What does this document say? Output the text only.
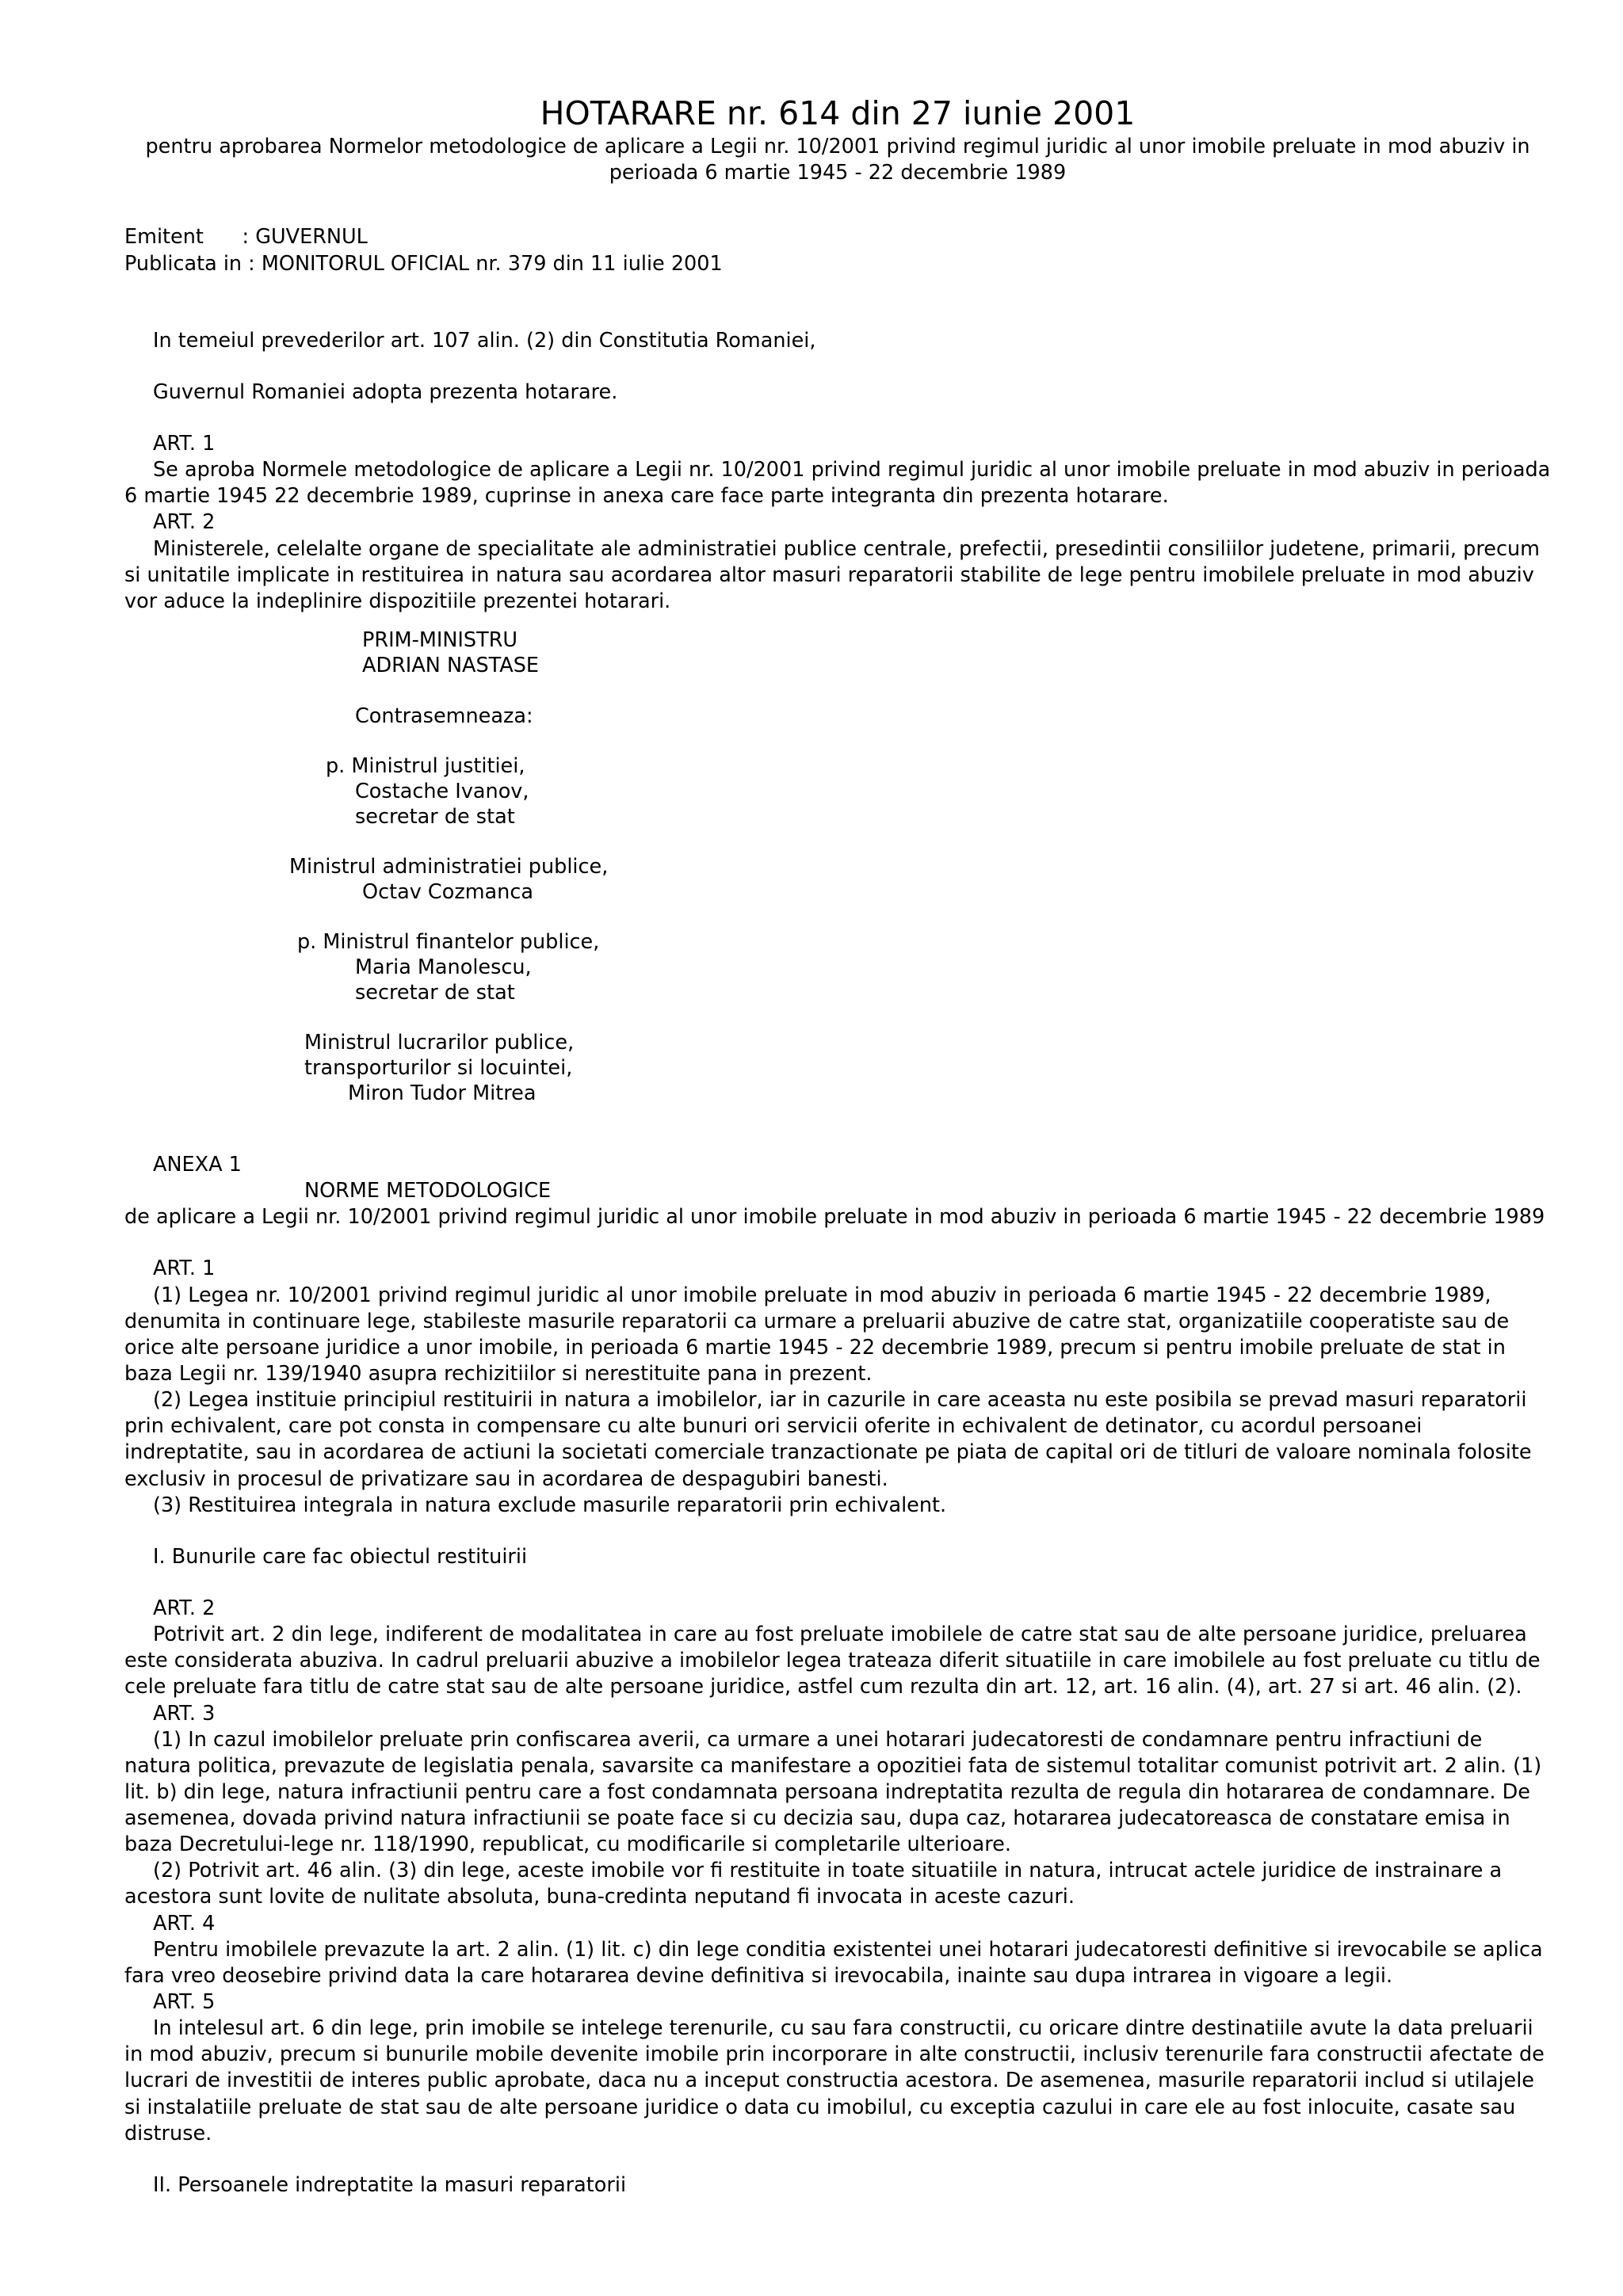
HOTARARE nr. 614 din 27 iunie 2001

pentru aprobarea Normelor metodologice de aplicare a Legii nr. 10/2001 privind regimul juridic al unor imobile preluate in mod abuziv in perioada 6 martie 1945 - 22 decembrie 1989

Emitent      : GUVERNUL
Publicata in : MONITORUL OFICIAL nr. 379 din 11 iulie 2001

In temeiul prevederilor art. 107 alin. (2) din Constitutia Romaniei,

Guvernul Romaniei adopta prezenta hotarare.

ART. 1

Se aproba Normele metodologice de aplicare a Legii nr. 10/2001 privind regimul juridic al unor imobile preluate in mod abuziv in perioada 6 martie 1945 22 decembrie 1989, cuprinse in anexa care face parte integranta din prezenta hotarare.

ART. 2

Ministerele, celelalte organe de specialitate ale administratiei publice centrale, prefectii, presedintii consiliilor judetene, primarii, precum si unitatile implicate in restituirea in natura sau acordarea altor masuri reparatorii stabilite de lege pentru imobilele preluate in mod abuziv vor aduce la indeplinire dispozitiile prezentei hotarari.

PRIM-MINISTRU
ADRIAN NASTASE
Contrasemneaza:
p. Ministrul justitiei,
Costache Ivanov,
secretar de stat
Ministrul administratiei publice,
Octav Cozmanca
p. Ministrul finantelor publice,
Maria Manolescu,
secretar de stat
Ministrul lucrarilor publice,
transporturilor si locuintei,
Miron Tudor Mitrea

ANEXA 1

NORME METODOLOGICE

de aplicare a Legii nr. 10/2001 privind regimul juridic al unor imobile preluate in mod abuziv in perioada 6 martie 1945 - 22 decembrie 1989

ART. 1

(1) Legea nr. 10/2001 privind regimul juridic al unor imobile preluate in mod abuziv in perioada 6 martie 1945 - 22 decembrie 1989, denumita in continuare lege, stabileste masurile reparatorii ca urmare a preluarii abuzive de catre stat, organizatiile cooperatiste sau de orice alte persoane juridice a unor imobile, in perioada 6 martie 1945 - 22 decembrie 1989, precum si pentru imobile preluate de stat in baza Legii nr. 139/1940 asupra rechizitiilor si nerestituite pana in prezent.

(2) Legea instituie principiul restituirii in natura a imobilelor, iar in cazurile in care aceasta nu este posibila se prevad masuri reparatorii prin echivalent, care pot consta in compensare cu alte bunuri ori servicii oferite in echivalent de detinator, cu acordul persoanei indreptatite, sau in acordarea de actiuni la societati comerciale tranzactionate pe piata de capital ori de titluri de valoare nominala folosite exclusiv in procesul de privatizare sau in acordarea de despagubiri banesti.

(3) Restituirea integrala in natura exclude masurile reparatorii prin echivalent.

I. Bunurile care fac obiectul restituirii

ART. 2

Potrivit art. 2 din lege, indiferent de modalitatea in care au fost preluate imobilele de catre stat sau de alte persoane juridice, preluarea este considerata abuziva. In cadrul preluarii abuzive a imobilelor legea trateaza diferit situatiile in care imobilele au fost preluate cu titlu de cele preluate fara titlu de catre stat sau de alte persoane juridice, astfel cum rezulta din art. 12, art. 16 alin. (4), art. 27 si art. 46 alin. (2).

ART. 3

(1) In cazul imobilelor preluate prin confiscarea averii, ca urmare a unei hotarari judecatoresti de condamnare pentru infractiuni de natura politica, prevazute de legislatia penala, savarsite ca manifestare a opozitiei fata de sistemul totalitar comunist potrivit art. 2 alin. (1) lit. b) din lege, natura infractiunii pentru care a fost condamnata persoana indreptatita rezulta de regula din hotararea de condamnare. De asemenea, dovada privind natura infractiunii se poate face si cu decizia sau, dupa caz, hotararea judecatoreasca de constatare emisa in baza Decretului-lege nr. 118/1990, republicat, cu modificarile si completarile ulterioare.

(2) Potrivit art. 46 alin. (3) din lege, aceste imobile vor fi restituite in toate situatiile in natura, intrucat actele juridice de instrainare a acestora sunt lovite de nulitate absoluta, buna-credinta neputand fi invocata in aceste cazuri.

ART. 4

Pentru imobilele prevazute la art. 2 alin. (1) lit. c) din lege conditia existentei unei hotarari judecatoresti definitive si irevocabile se aplica fara vreo deosebire privind data la care hotararea devine definitiva si irevocabila, inainte sau dupa intrarea in vigoare a legii.

ART. 5

In intelesul art. 6 din lege, prin imobile se intelege terenurile, cu sau fara constructii, cu oricare dintre destinatiile avute la data preluarii in mod abuziv, precum si bunurile mobile devenite imobile prin incorporare in alte constructii, inclusiv terenurile fara constructii afectate de lucrari de investitii de interes public aprobate, daca nu a inceput constructia acestora. De asemenea, masurile reparatorii includ si utilajele si instalatiile preluate de stat sau de alte persoane juridice o data cu imobilul, cu exceptia cazului in care ele au fost inlocuite, casate sau distruse.

II. Persoanele indreptatite la masuri reparatorii
